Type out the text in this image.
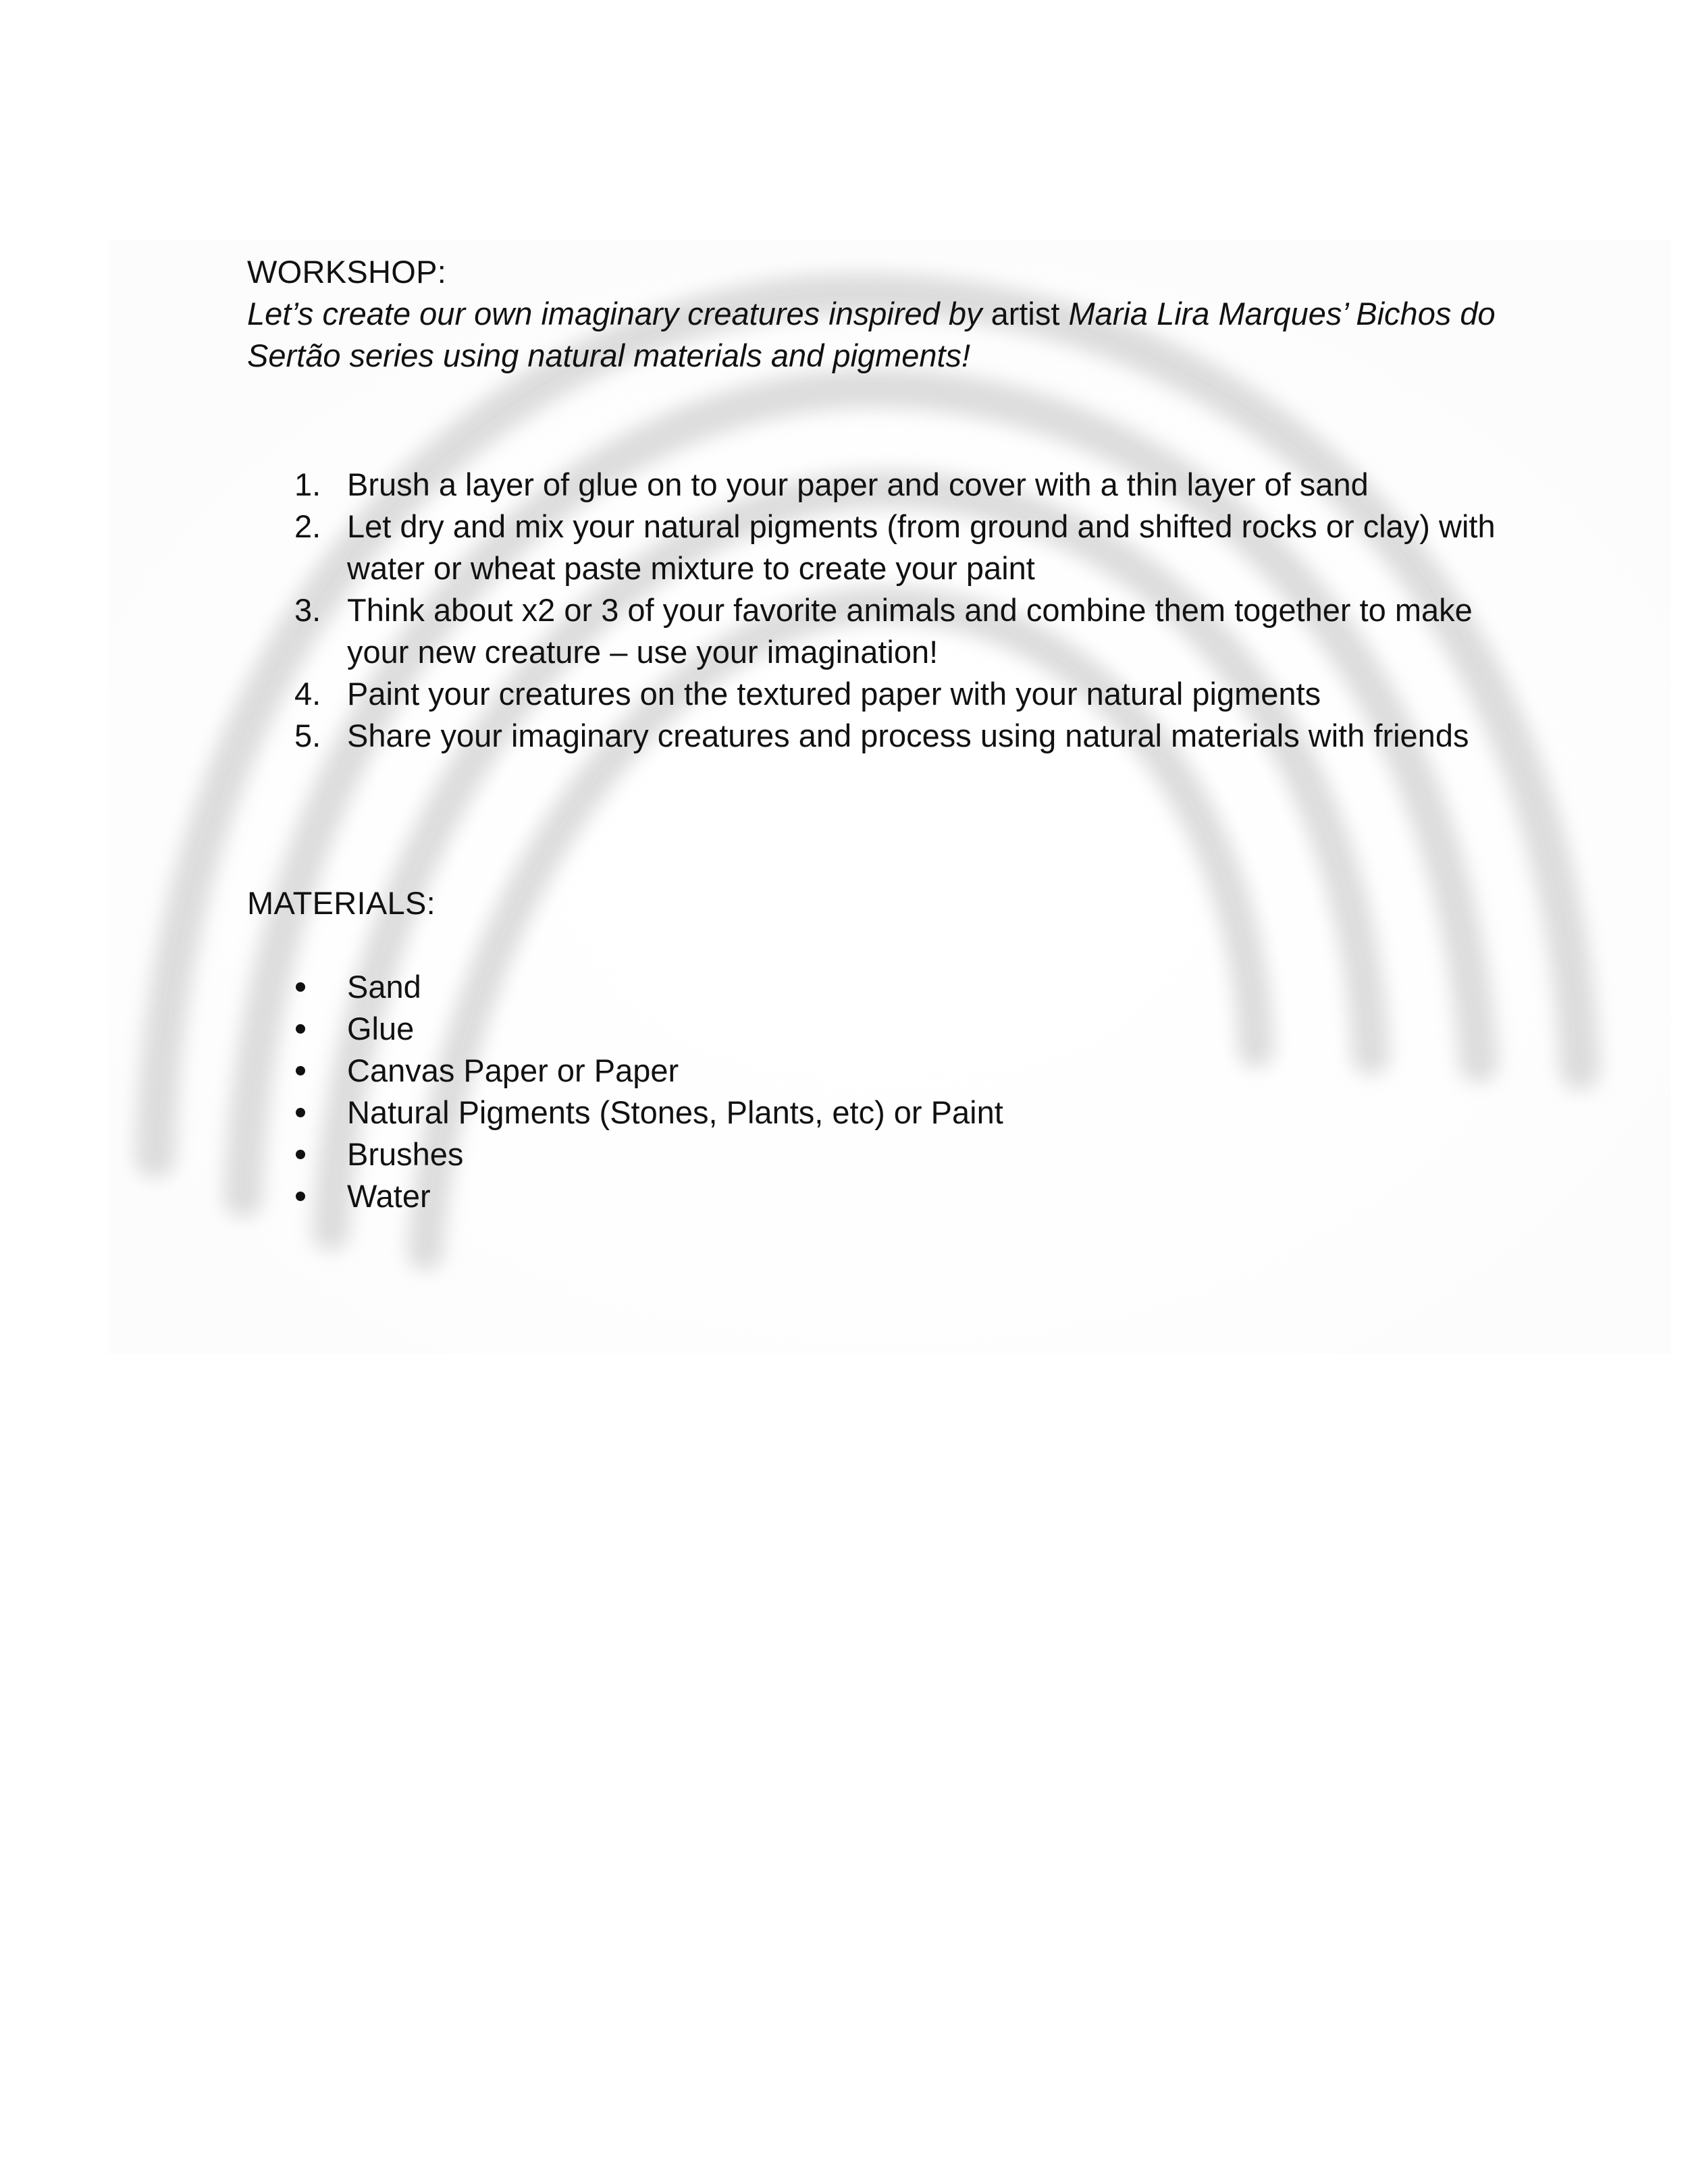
WORKSHOP:

Let’s create our own imaginary creatures inspired by artist Maria Lira Marques’ Bichos do Sertão series using natural materials and pigments!

1. Brush a layer of glue on to your paper and cover with a thin layer of sand
2. Let dry and mix your natural pigments (from ground and shifted rocks or clay) with water or wheat paste mixture to create your paint
3. Think about x2 or 3 of your favorite animals and combine them together to make your new creature – use your imagination!
4. Paint your creatures on the textured paper with your natural pigments
5. Share your imaginary creatures and process using natural materials with friends

MATERIALS:

Sand
Glue
Canvas Paper or Paper
Natural Pigments (Stones, Plants, etc) or Paint
Brushes
Water
